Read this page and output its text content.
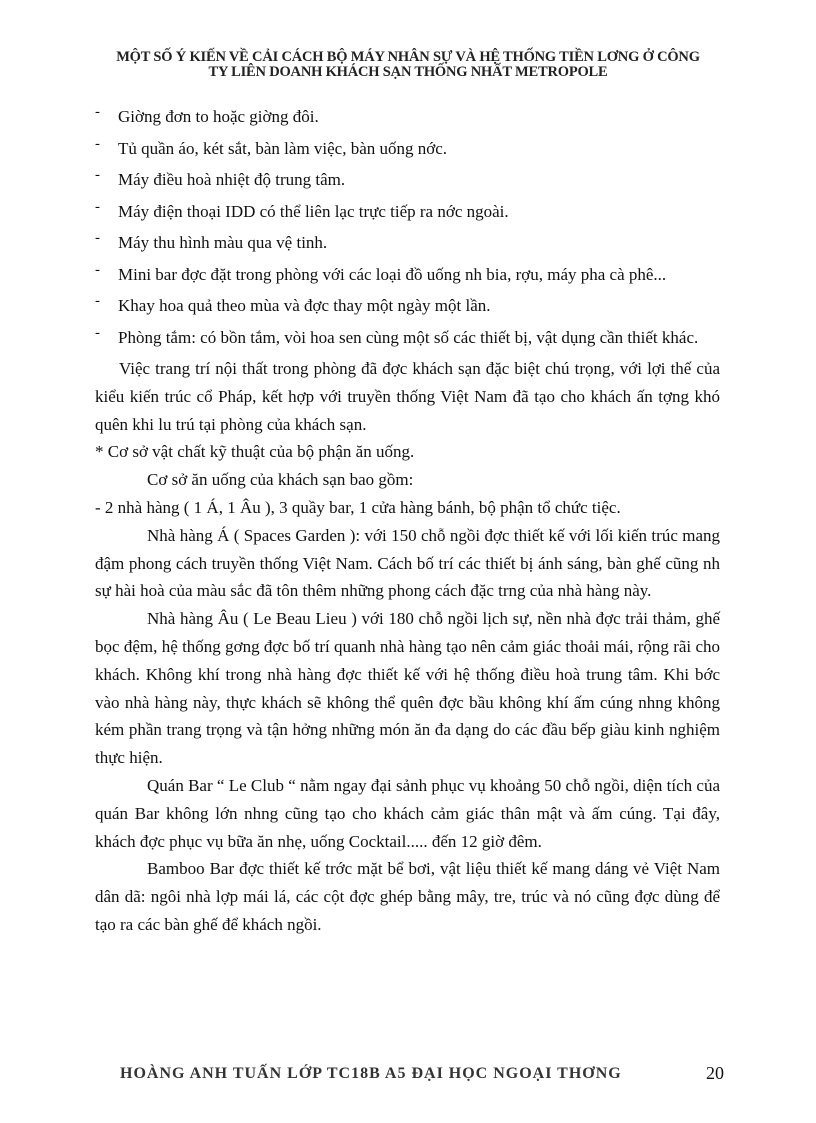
MỘT SỐ Ý KIẾN VỀ CẢI CÁCH BỘ MÁY NHÂN SỰ VÀ HỆ THỐNG TIỀN LƠNG Ở CÔNG

TY LIÊN DOANH KHÁCH SẠN THỐNG NHẤT METROPOLE
- Giờng đơn to hoặc giờng đôi.
- Tủ quần áo, két sắt, bàn làm việc, bàn uống nớc.
- Máy điều hoà nhiệt độ trung tâm.
- Máy điện thoại IDD có thể liên lạc trực tiếp ra nớc ngoài.
- Máy thu hình màu qua vệ tinh.
- Mini bar đợc đặt trong phòng với các loại đồ uống nh bia, rợu, máy pha cà phê...
- Khay hoa quả theo mùa và đợc thay một ngày một lần.
- Phòng tắm: có bồn tắm, vòi hoa sen cùng một số các thiết bị, vật dụng cần thiết khác.

Việc trang trí nội thất trong phòng đã đợc khách sạn đặc biệt chú trọng, với lợi thế của kiểu kiến trúc cổ Pháp, kết hợp với truyền thống Việt Nam đã tạo cho khách ấn tợng khó quên khi lu trú tại phòng của khách sạn.

* Cơ sở vật chất kỹ thuật của bộ phận ăn uống.

Cơ sở ăn uống của khách sạn bao gồm:

- 2 nhà hàng ( 1 Á, 1 Âu ), 3 quầy bar, 1 cửa hàng bánh, bộ phận tổ chức tiệc.

Nhà hàng Á ( Spaces Garden ): với 150 chỗ ngồi đợc thiết kế với lối kiến trúc mang đậm phong cách truyền thống Việt Nam. Cách bố trí các thiết bị ánh sáng, bàn ghế cũng nh sự hài hoà của màu sắc đã tôn thêm những phong cách đặc trng của nhà hàng này.

Nhà hàng Âu ( Le Beau Lieu ) với 180 chỗ ngồi lịch sự, nền nhà đợc trải thảm, ghế bọc đệm, hệ thống gơng đợc bố trí quanh nhà hàng tạo nên cảm giác thoải mái, rộng rãi cho khách. Không khí trong nhà hàng đợc thiết kế với hệ thống điều hoà trung tâm. Khi bớc vào nhà hàng này, thực khách sẽ không thể quên đợc bầu không khí ấm cúng nhng không kém phần trang trọng và tận hởng những món ăn đa dạng do các đầu bếp giàu kinh nghiệm thực hiện.

Quán Bar “ Le Club “ nằm ngay đại sảnh phục vụ khoảng 50 chỗ ngồi, diện tích của quán Bar không lớn nhng cũng tạo cho khách cảm giác thân mật và ấm cúng. Tại đây, khách đợc phục vụ bữa ăn nhẹ, uống Cocktail..... đến 12 giờ đêm.

Bamboo Bar đợc thiết kế trớc mặt bể bơi, vật liệu thiết kế mang dáng vẻ Việt Nam dân dã: ngôi nhà lợp mái lá, các cột đợc ghép bằng mây, tre, trúc và nó cũng đợc dùng để tạo ra các bàn ghế để khách ngồi.

HOÀNG ANH TUẤN LỚP TC18B A5 ĐẠI HỌC NGOẠI THƠNG	20
